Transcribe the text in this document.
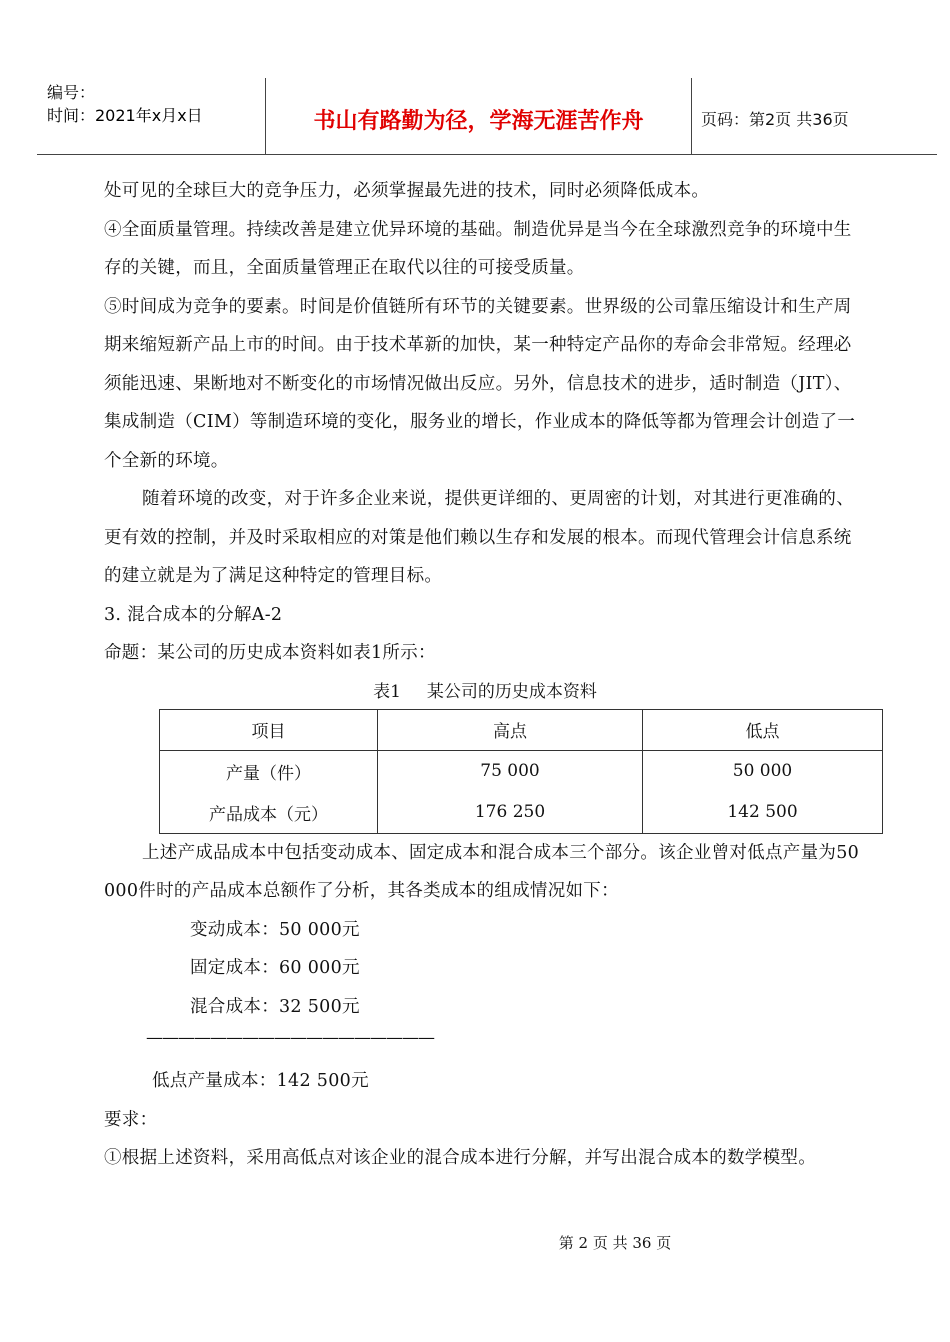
编号：
时间：2021年x月x日	书山有路勤为径，学海无涯苦作舟	页码：第2页 共36页

处可见的全球巨大的竞争压力，必须掌握最先进的技术，同时必须降低成本。

④全面质量管理。持续改善是建立优异环境的基础。制造优异是当今在全球激烈竞争的环境中生存的关键，而且，全面质量管理正在取代以往的可接受质量。

⑤时间成为竞争的要素。时间是价值链所有环节的关键要素。世界级的公司靠压缩设计和生产周期来缩短新产品上市的时间。由于技术革新的加快，某一种特定产品你的寿命会非常短。经理必须能迅速、果断地对不断变化的市场情况做出反应。另外，信息技术的进步，适时制造（JIT）、集成制造（CIM）等制造环境的变化，服务业的增长，作业成本的降低等都为管理会计创造了一个全新的环境。

随着环境的改变，对于许多企业来说，提供更详细的、更周密的计划，对其进行更准确的、更有效的控制，并及时采取相应的对策是他们赖以生存和发展的根本。而现代管理会计信息系统的建立就是为了满足这种特定的管理目标。

3. 混合成本的分解A-2

命题：某公司的历史成本资料如表1所示：

表1 某公司的历史成本资料

项目	高点	低点
产量（件）	75 000	50 000
产品成本（元）	176 250	142 500

上述产成品成本中包括变动成本、固定成本和混合成本三个部分。该企业曾对低点产量为50 000件时的产品成本总额作了分析，其各类成本的组成情况如下：

变动成本：50 000元

固定成本：60 000元

混合成本：32 500元

——————————————————

低点产量成本：142 500元

要求：

①根据上述资料，采用高低点对该企业的混合成本进行分解，并写出混合成本的数学模型。

第 2 页 共 36 页
